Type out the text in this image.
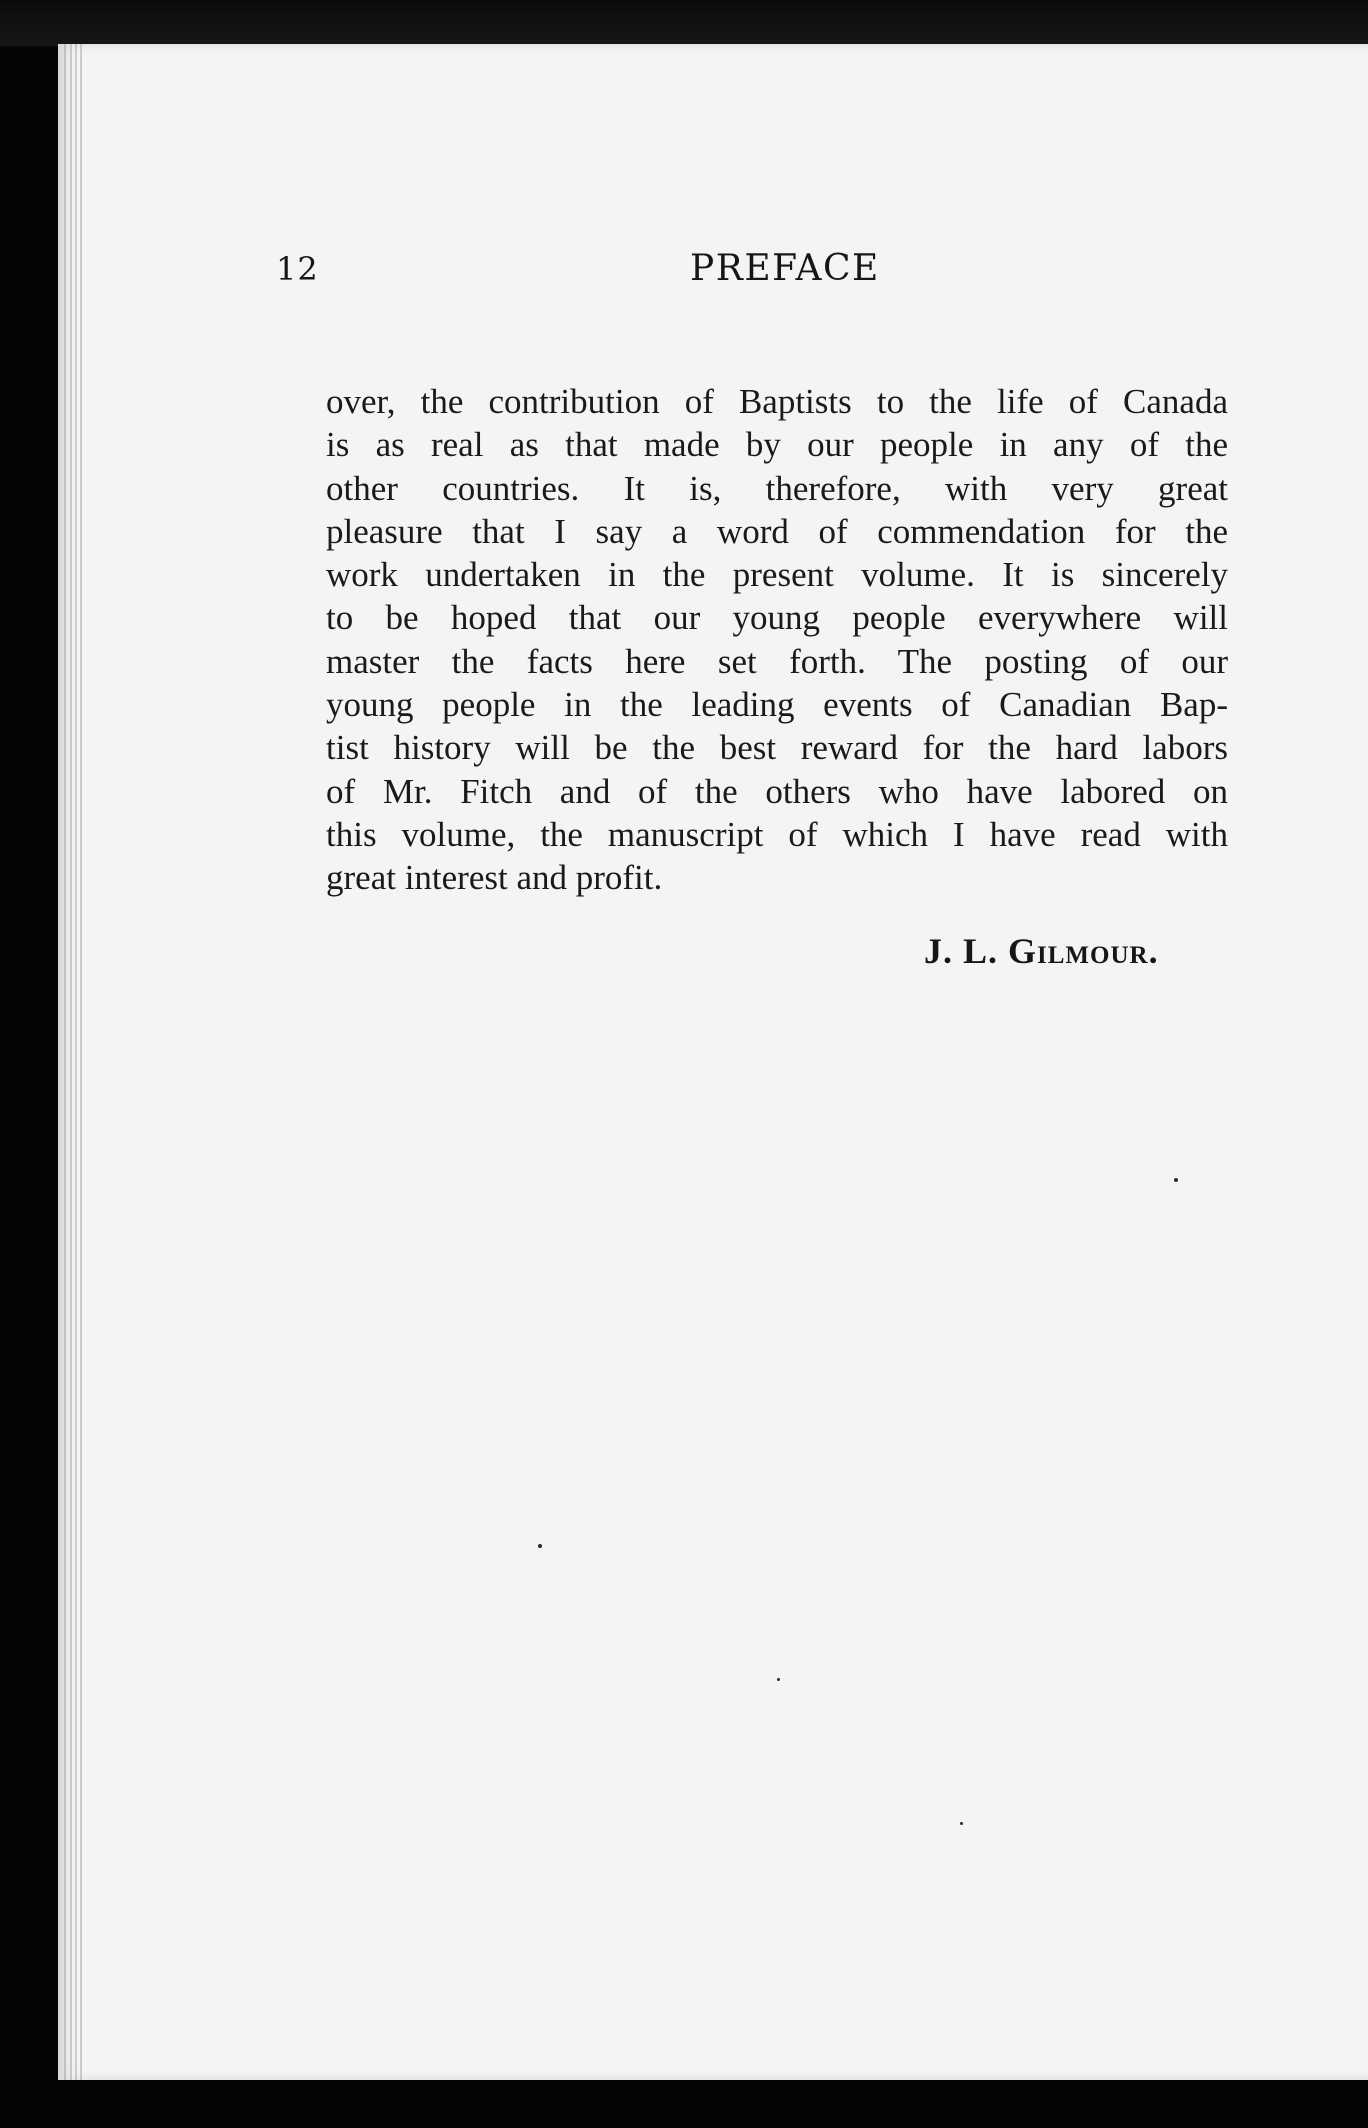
12	PREFACE
over, the contribution of Baptists to the life of Canada
is as real as that made by our people in any of the
other countries. It is, therefore, with very great
pleasure that I say a word of commendation for the
work undertaken in the present volume. It is sincerely
to be hoped that our young people everywhere will
master the facts here set forth. The posting of our
young people in the leading events of Canadian Bap-
tist history will be the best reward for the hard labors
of Mr. Fitch and of the others who have labored on
this volume, the manuscript of which I have read with
great interest and profit.
J. L. Gilmour.
